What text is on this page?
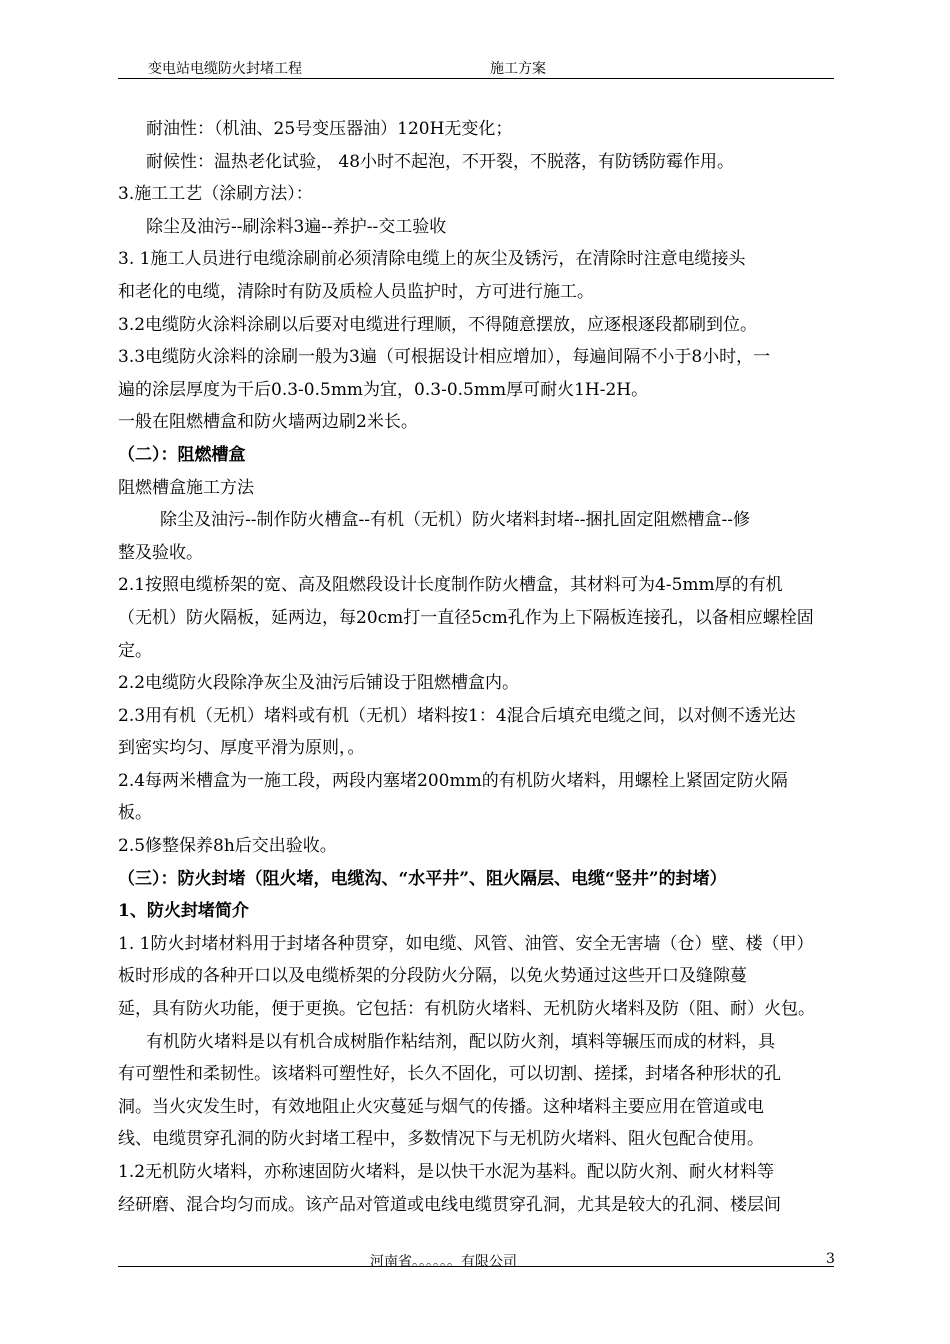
变电站电缆防火封堵工程	施工方案

耐油性：（机油、25号变压器油）120H无变化；

耐候性：温热老化试验， 48小时不起泡，不开裂，不脱落，有防锈防霉作用。

3.施工工艺（涂刷方法）：

除尘及油污--刷涂料3遍--养护--交工验收

3. 1施工人员进行电缆涂刷前必须清除电缆上的灰尘及锈污，在清除时注意电缆接头

和老化的电缆，清除时有防及质检人员监护时，方可进行施工。

3.2电缆防火涂料涂刷以后要对电缆进行理顺，不得随意摆放，应逐根逐段都刷到位。

3.3电缆防火涂料的涂刷一般为3遍（可根据设计相应增加），每遍间隔不小于8小时，一

遍的涂层厚度为干后0.3-0.5mm为宜，0.3-0.5mm厚可耐火1H-2H。

一般在阻燃槽盒和防火墙两边刷2米长。

（二）：阻燃槽盒

阻燃槽盒施工方法

除尘及油污--制作防火槽盒--有机（无机）防火堵料封堵--捆扎固定阻燃槽盒--修

整及验收。

2.1按照电缆桥架的宽、高及阻燃段设计长度制作防火槽盒，其材料可为4-5mm厚的有机

（无机）防火隔板，延两边，每20cm打一直径5cm孔作为上下隔板连接孔，以备相应螺栓固

定。

2.2电缆防火段除净灰尘及油污后铺设于阻燃槽盒内。

2.3用有机（无机）堵料或有机（无机）堵料按1：4混合后填充电缆之间，以对侧不透光达

到密实均匀、厚度平滑为原则，。

2.4每两米槽盒为一施工段，两段内塞堵200mm的有机防火堵料，用螺栓上紧固定防火隔

板。

2.5修整保养8h后交出验收。

（三）：防火封堵（阻火堵，电缆沟、“水平井”、阻火隔层、电缆“竖井”的封堵）

1、防火封堵简介

1. 1防火封堵材料用于封堵各种贯穿，如电缆、风管、油管、安全无害墙（仓）壁、楼（甲）

板时形成的各种开口以及电缆桥架的分段防火分隔，以免火势通过这些开口及缝隙蔓

延，具有防火功能，便于更换。它包括：有机防火堵料、无机防火堵料及防（阻、耐）火包。

有机防火堵料是以有机合成树脂作粘结剂，配以防火剂，填料等辗压而成的材料，具

有可塑性和柔韧性。该堵料可塑性好，长久不固化，可以切割、搓揉，封堵各种形状的孔

洞。当火灾发生时，有效地阻止火灾蔓延与烟气的传播。这种堵料主要应用在管道或电

线、电缆贯穿孔洞的防火封堵工程中，多数情况下与无机防火堵料、阻火包配合使用。

1.2无机防火堵料，亦称速固防火堵料，是以快干水泥为基料。配以防火剂、耐火材料等

经研磨、混合均匀而成。该产品对管道或电线电缆贯穿孔洞，尤其是较大的孔洞、楼层间

河南省。。。。。。有限公司	3
